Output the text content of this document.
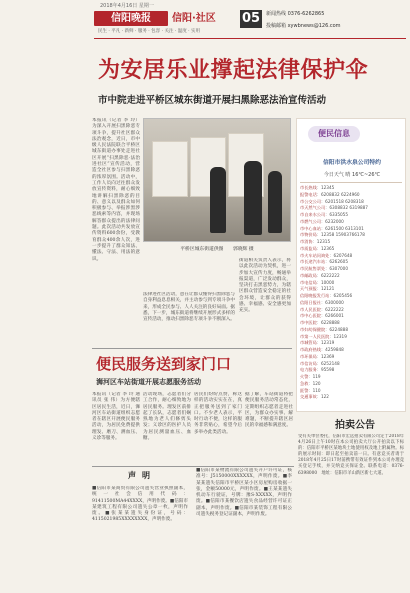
2018年4月16日 星期一
信阳晚报	信阳·社区	05
民生 · 平凡 · 新鲜 · 服务 · 包容 · 关注 · 温度 · 实用
新闻热线 0376-6262865
投稿邮箱 xywbnews@126.com
为安居乐业撑起法律保护伞
市中院走进平桥区城东街道开展扫黑除恶法治宣传活动
本报讯（记者 李 玲）为深入开展扫黑除恶专项斗争，提升社区群众法治观念，近日，市中级人民法院联合平桥区城东街道办事处走进社区开展“扫黑除恶·法治进社区”宣传活动，营造全社区参与扫黑除恶的浓厚氛围。活动中，工作人员向过往群众发放宣传资料，耐心细致地讲解扫黑除恶的目的、意义以及群众如何积极参与、举报涉黑涉恶线索等内容，并现场解答群众提出的法律问题。此次活动共发放宣传资料600余份，受教育群众400余人次，进一步提升了群众知法、懂法、守法、用法的意识。
平桥区城东街道供图　　郭晓辉 摄
法律进社区活动，意在让群众懂得扫黑除恶与自身利益息息相关，并主动参与到专项斗争中来，形成全民参与、人人关注的良好局面。据悉，下一步，城东街道将继续开展形式多样的宣传活动，推动扫黑除恶专项斗争不断深入。
街道相关负责人表示，将以此次活动为契机，进一步加大宣传力度，畅通举报渠道，广泛发动群众，坚决打击黑恶势力，为辖区群众营造安全稳定的社会环境，让群众的获得感、幸福感、安全感更加充实。
便民信息
信阳市洪水泉公司特约
今日天气 晴 16℃~26℃
市长热线：12345
报警电话：6208832 6224960
市公交公司：6201518 6208318
市天然气公司：6308832 6319887
市自来水公司：6335055
市燃气公司：6232000
市中心血站：6261500 6313101
市物价局：12358 15903766178
市消协：12315
市质监局：12365
市火车站问询处：6207648
市长途汽车站：6262605
市民航售票处：6307000
市邮政局：6222222
市电信局：10000
天气预报：12121
信阳晚报发行站：6205456
信阳日报社：6300000
市人民医院：6222222
市中心医院：6266001
市中医院：6228888
市妇幼保健院：6224888
市第一人民医院：12319
市城管局：12319
市政府热线：4259848
市环保局：12369
市信访局：6252148
电力服务：95598
火警：119
急救：120
匪警：110
交通事故：122
便民服务送到家门口
浉河区车站街道开展志愿服务活动
本报讯（记者 李 玲 通讯员 张 伟）为方便辖区居民生活，近日，浉河区车站街道组织志愿者在辖区开展便民服务活动，为居民免费提供理发、磨刀、测血压、义诊等服务。
活动现场，志愿者们分工合作，耐心细致地为居民服务。理发区前排起了长队，志愿者们娴熟地为老人们修剪头发；义诊区的医护人员为居民测量血压、血糖。
居民们纷纷点赞，称这样的活动实实在在，真正把服务送到了家门口。不少老人表示，平时行动不便，这样的服务非常贴心，希望今后多举办此类活动。
据了解，车站街道将把便民服务活动常态化，定期组织志愿者走进社区，为群众办实事、解难题，不断提升辖区居民的幸福感和满意度。	拍卖公告
受有关单位委托，信阳市宏远拍卖有限公司定于2018年4月26日上午10时在本公司拍卖大厅公开拍卖以下标的：信阳市平桥区某地块土地使用权及地上附属物。标的展示时间：即日起至拍卖前一日。有意竞买者请于2018年4月25日17时前携带有效证件到本公司办理竞买登记手续，并交纳竞买保证金。联系电话：0376-6398000　地址：信阳市羊山新区新七大道。
声明
■信阳市某商贸有限公司遗失营业执照副本，统一社会信用代码：91411500MA44XXXX，声明作废。■信阳市某建筑工程有限公司遗失公章一枚，声明作废。■张某某遗失身份证，号码：4115021985XXXXXXXX，声明作废。
■信阳市某物流有限公司遗失开户许可证，核准号：J5150000XXXXXX，声明作废。■李某某遗失信阳市平桥区某小区房屋购房收据一张，金额50000元，声明作废。■王某某遗失机动车行驶证，号牌：豫S·XXXXX，声明作废。■信阳市某餐饮店遗失食品经营许可证正副本，声明作废。■信阳市某装饰工程有限公司遗失税务登记证副本，声明作废。
